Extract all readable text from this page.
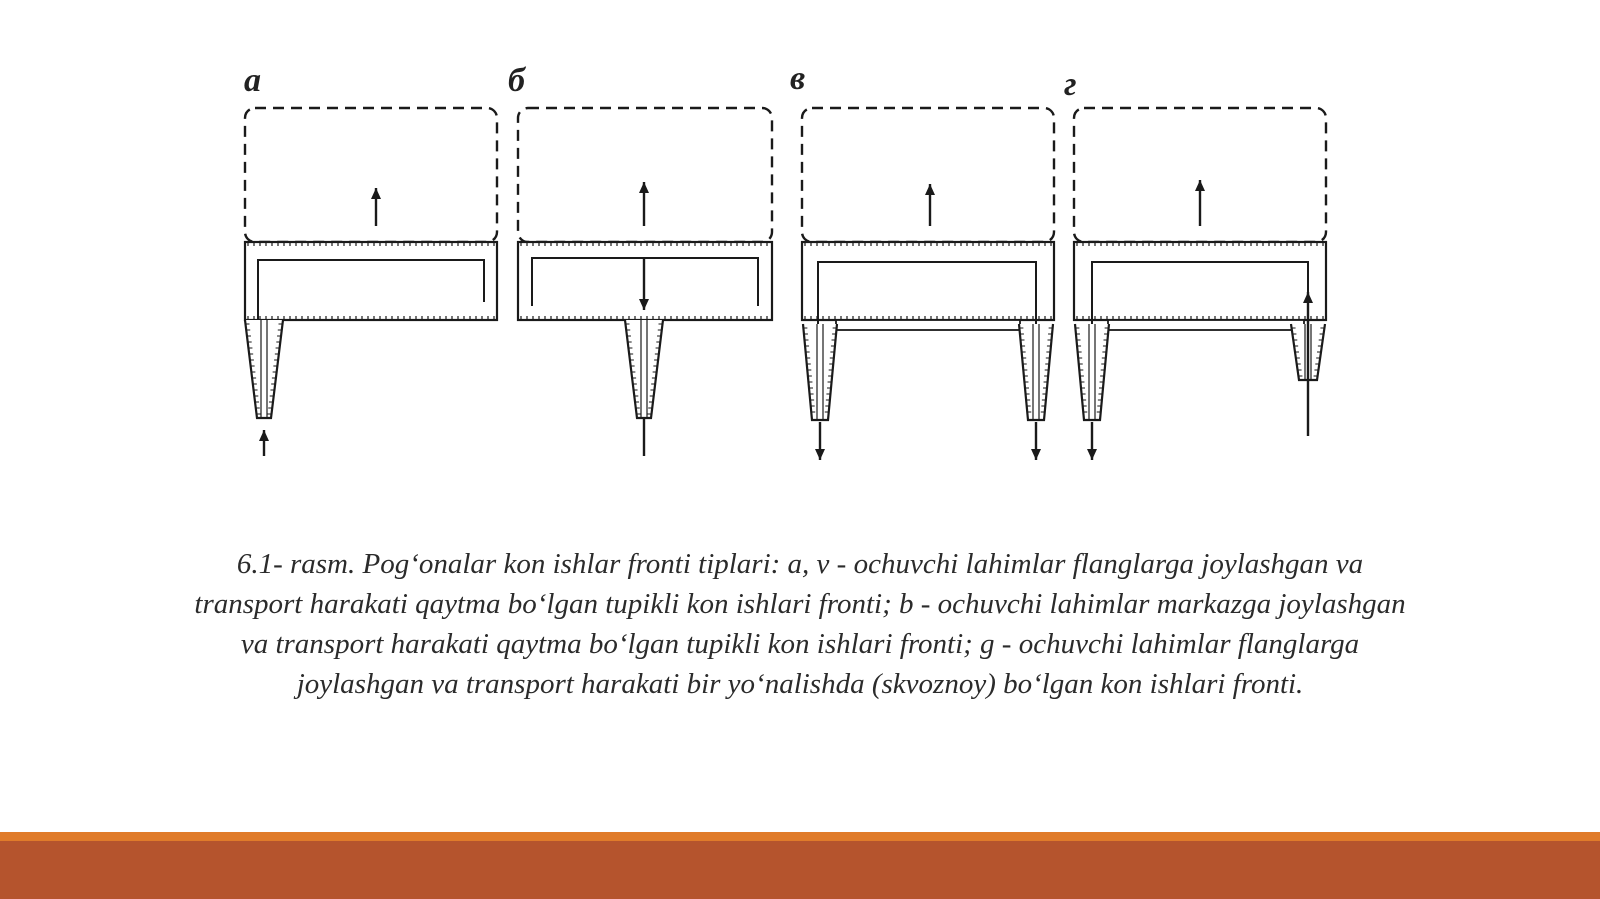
а	б	в	г
6.1- rasm. Pog‘onalar kon ishlar fronti tiplari: a, v - ochuvchi lahimlar flanglarga joylashgan va
transport harakati qaytma bo‘lgan tupikli kon ishlari fronti; b - ochuvchi lahimlar markazga joylashgan
va transport harakati qaytma bo‘lgan tupikli kon ishlari fronti; g - ochuvchi lahimlar flanglarga
joylashgan va transport harakati bir yo‘nalishda (skvoznoy) bo‘lgan kon ishlari fronti.
